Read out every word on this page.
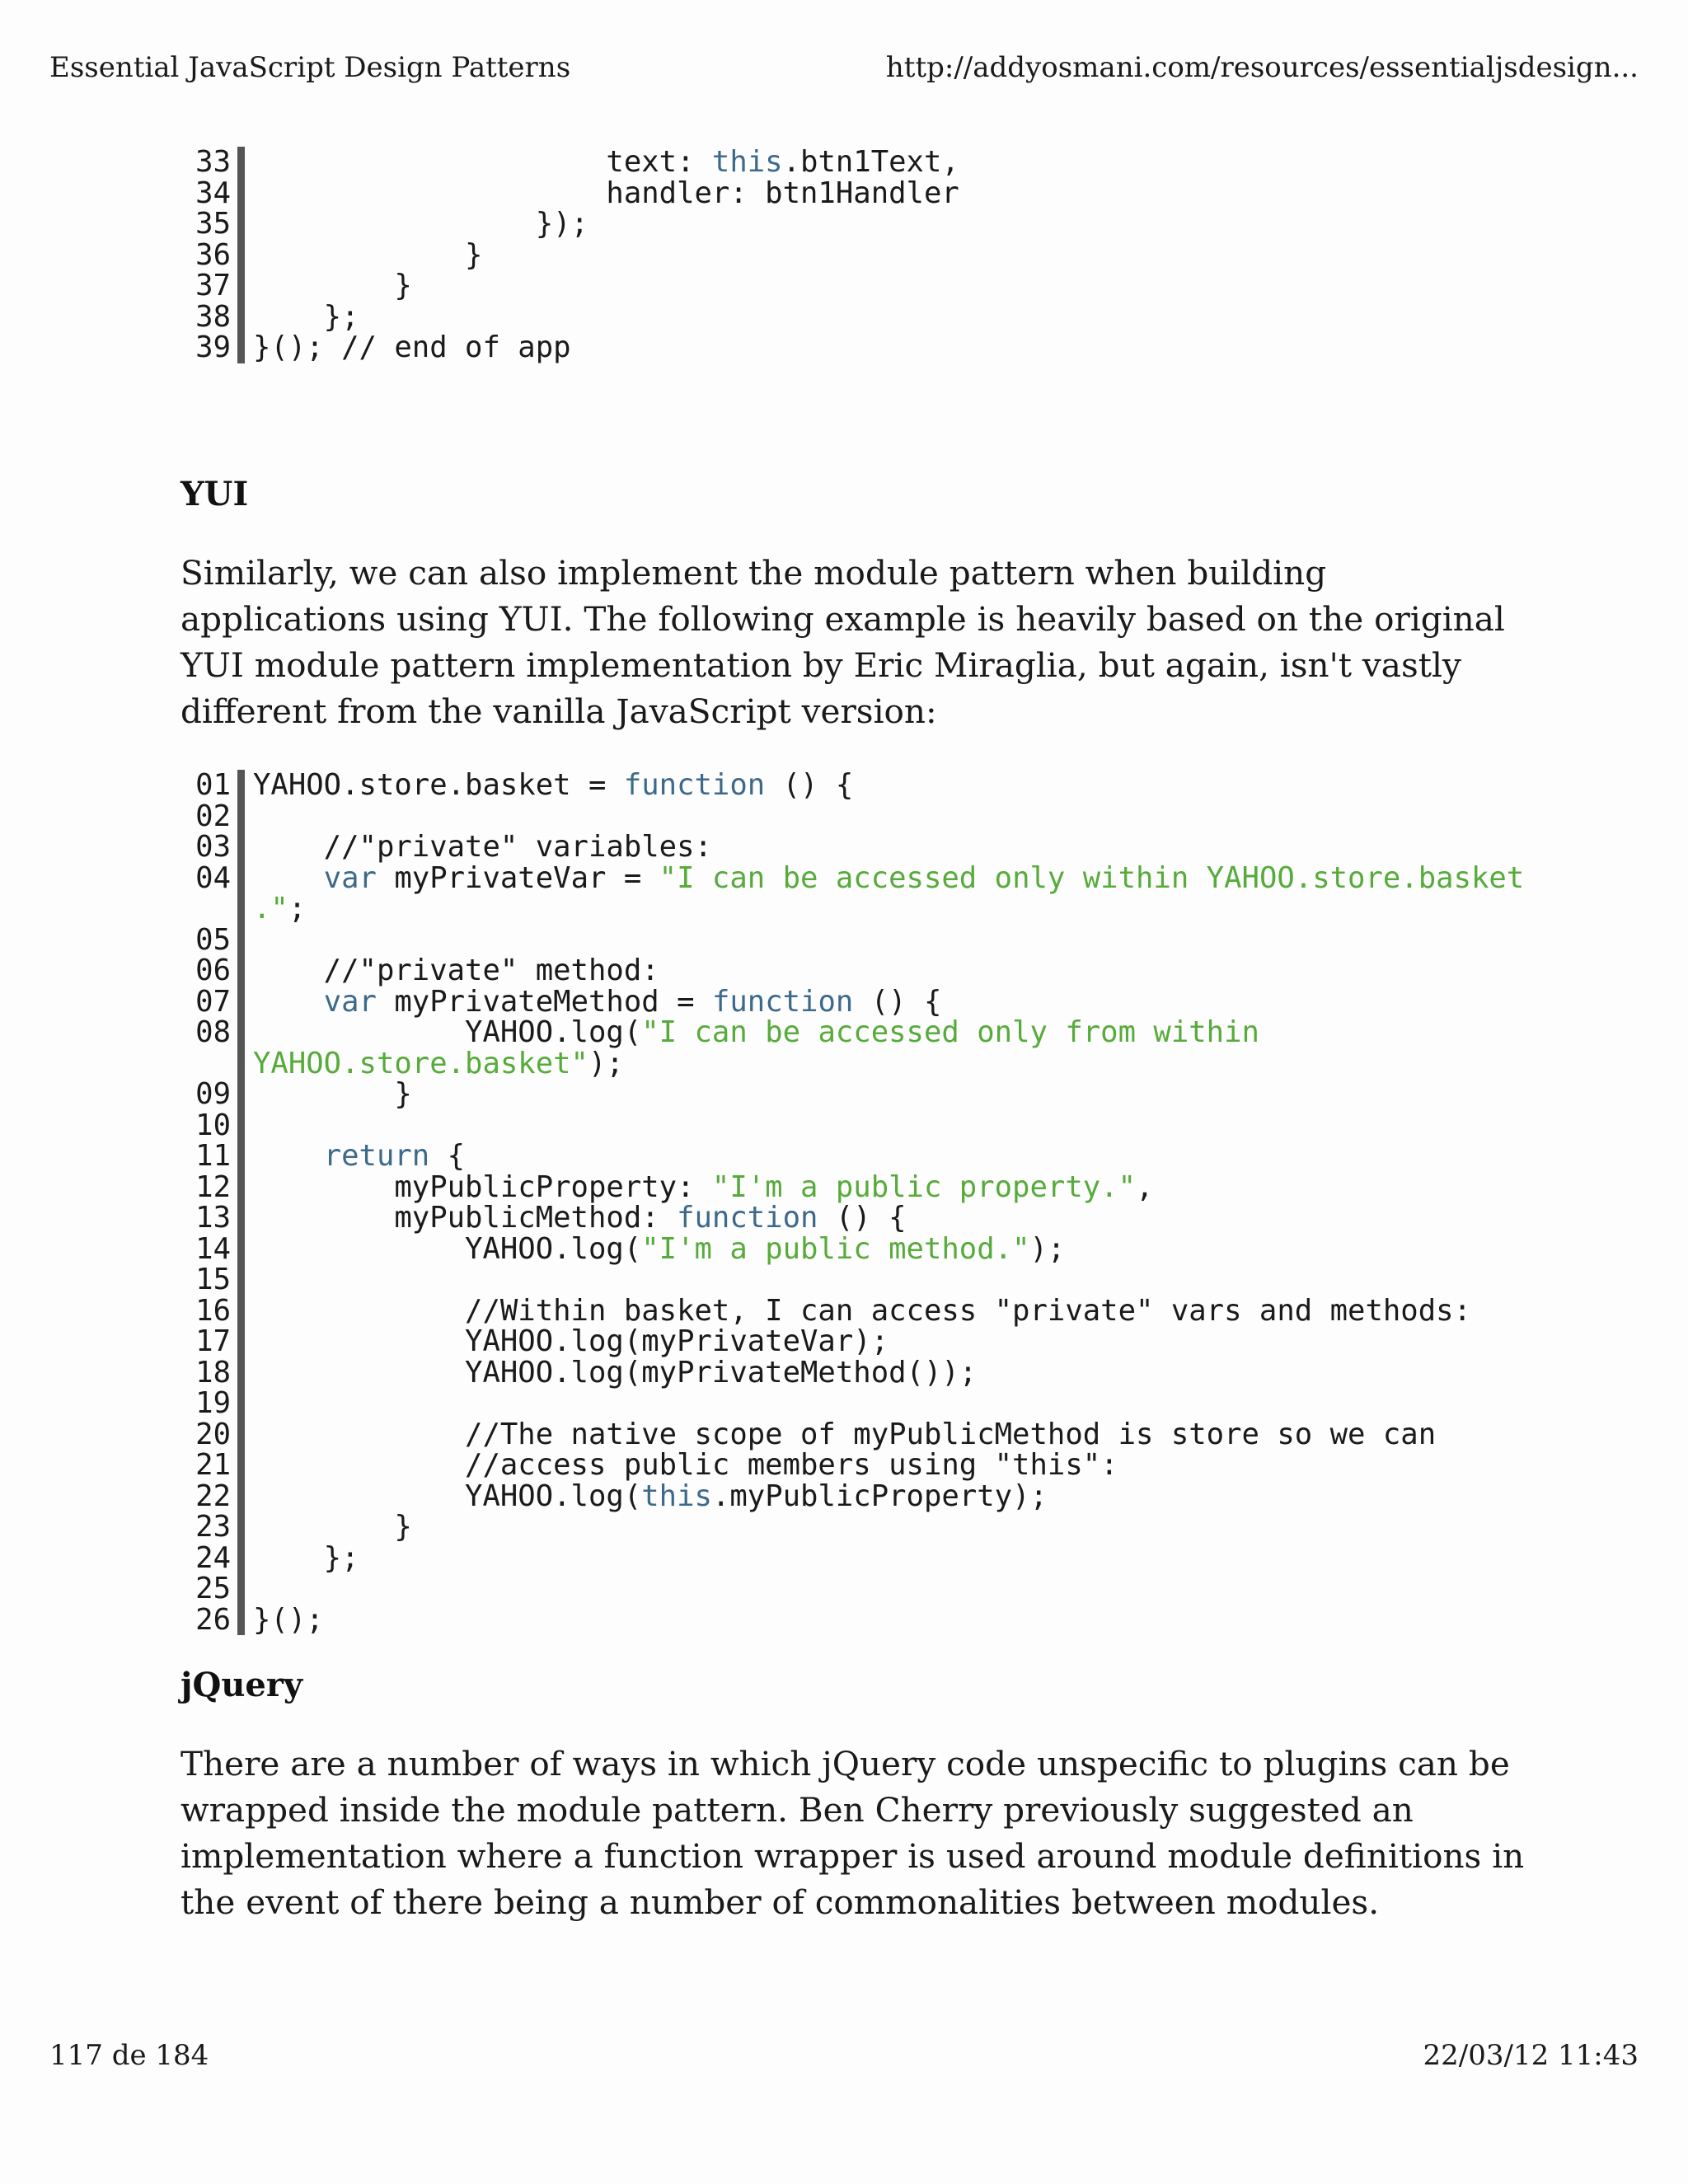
Essential JavaScript Design Patterns	http://addyosmani.com/resources/essentialjsdesign...
33 text: this.btn1Text,
34 handler: btn1Handler
35 });
36 }
37 }
38 };
39 }(); // end of app
YUI
Similarly, we can also implement the module pattern when building applications using YUI. The following example is heavily based on the original YUI module pattern implementation by Eric Miraglia, but again, isn't vastly different from the vanilla JavaScript version:
01 YAHOO.store.basket = function () {
02

03 //"private" variables:
04	var myPrivateVar = "I can be accessed only within YAHOO.store.basket
.";
05

06 //"private" method:
07	var myPrivateMethod = function () {
08 YAHOO.log("I can be accessed only from within
YAHOO.store.basket");
09 }
10

11	return {
12 myPublicProperty: "I'm a public property.",
13 myPublicMethod: function () {
14 YAHOO.log("I'm a public method.");
15

16 //Within basket, I can access "private" vars and methods:
17 YAHOO.log(myPrivateVar);
18 YAHOO.log(myPrivateMethod());
19

20 //The native scope of myPublicMethod is store so we can
21 //access public members using "this":
22 YAHOO.log(this.myPublicProperty);
23 }
24 };
25

26 }();
jQuery
There are a number of ways in which jQuery code unspecific to plugins can be wrapped inside the module pattern. Ben Cherry previously suggested an implementation where a function wrapper is used around module definitions in the event of there being a number of commonalities between modules.
117 de 184	22/03/12 11:43
